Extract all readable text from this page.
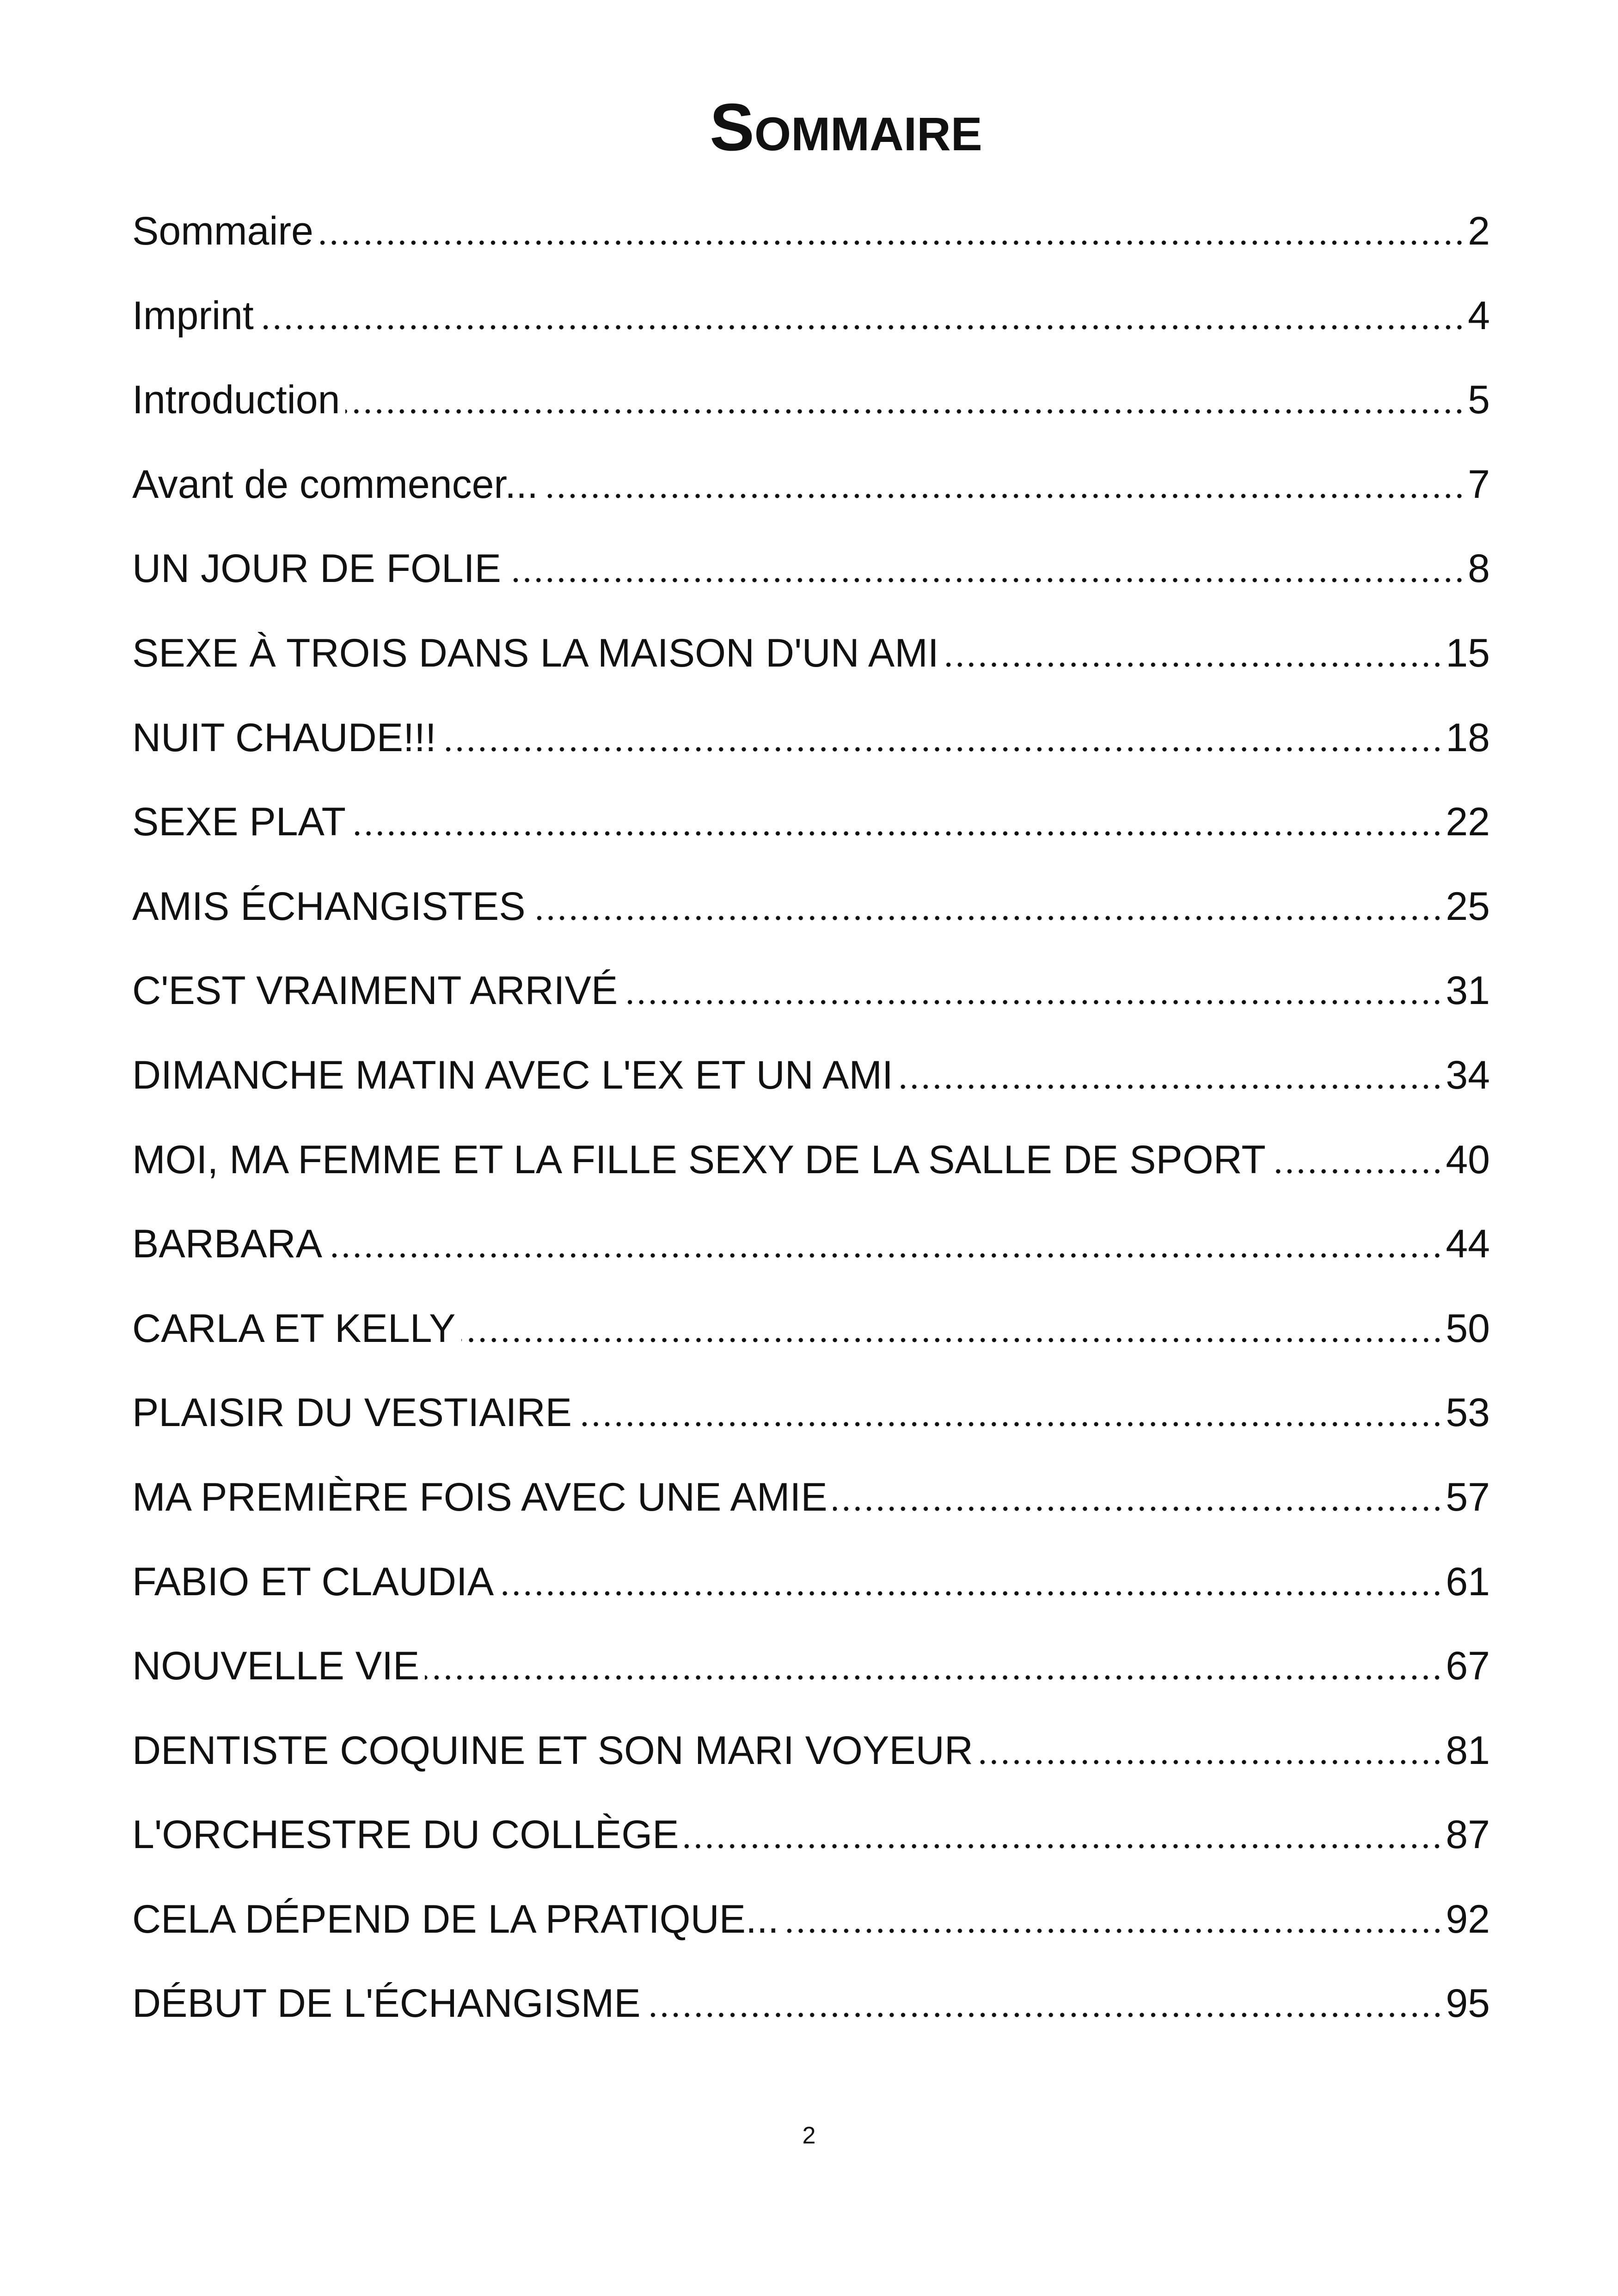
SOMMAIRE
Sommaire	2
Imprint	4
Introduction	5
Avant de commencer...	7
UN JOUR DE FOLIE	8
SEXE À TROIS DANS LA MAISON D'UN AMI	15
NUIT CHAUDE!!!	18
SEXE PLAT	22
AMIS ÉCHANGISTES	25
C'EST VRAIMENT ARRIVÉ	31
DIMANCHE MATIN AVEC L'EX ET UN AMI	34
MOI, MA FEMME ET LA FILLE SEXY DE LA SALLE DE SPORT	40
BARBARA	44
CARLA ET KELLY	50
PLAISIR DU VESTIAIRE	53
MA PREMIÈRE FOIS AVEC UNE AMIE	57
FABIO ET CLAUDIA	61
NOUVELLE VIE	67
DENTISTE COQUINE ET SON MARI VOYEUR	81
L'ORCHESTRE DU COLLÈGE	87
CELA DÉPEND DE LA PRATIQUE...	92
DÉBUT DE L'ÉCHANGISME	95
2
